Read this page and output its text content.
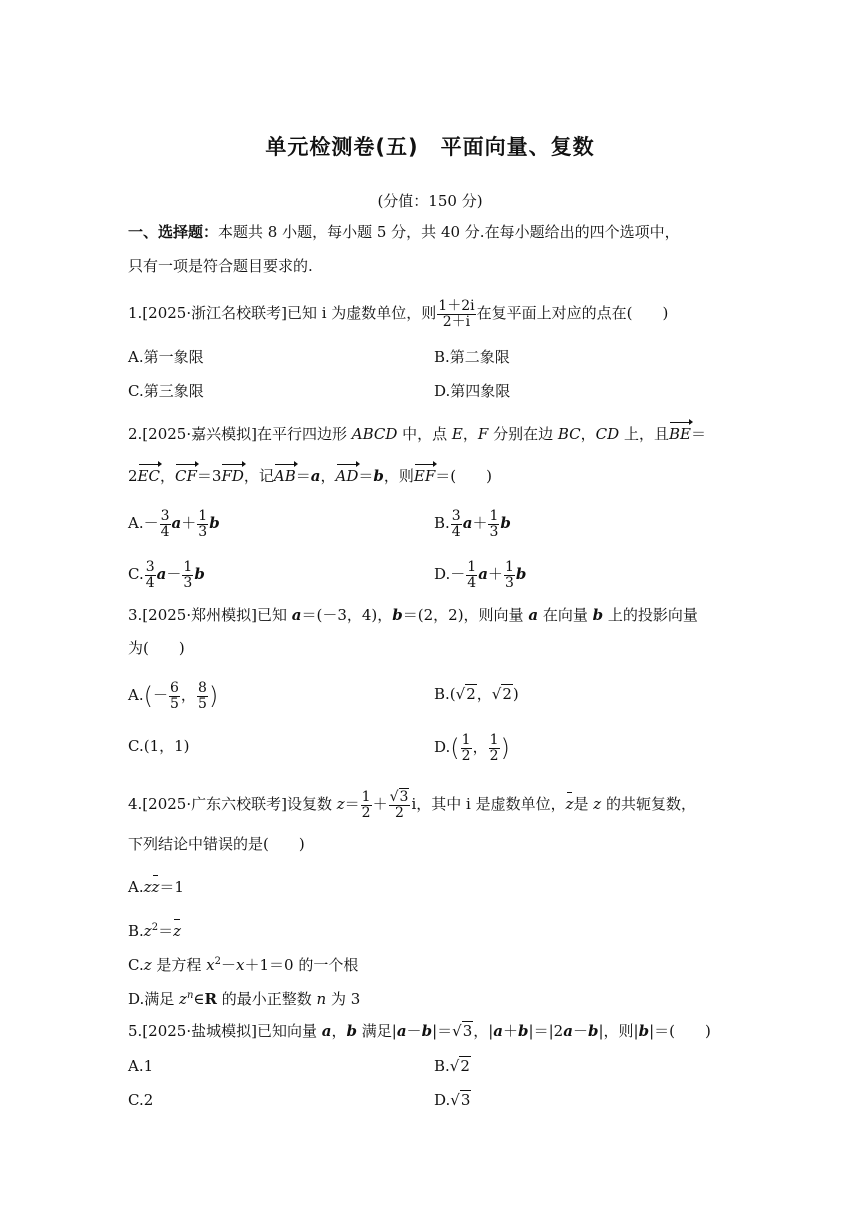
单元检测卷(五)　平面向量、复数
(分值：150 分)
一、选择题：本题共 8 小题，每小题 5 分，共 40 分.在每小题给出的四个选项中，
只有一项是符合题目要求的.
1.[2025·浙江名校联考]已知 i 为虚数单位，则 $\frac{1+2i}{2+i}$ 在复平面上对应的点在(　　)
A.第一象限	B.第二象限
C.第三象限	D.第四象限
2.[2025·嘉兴模拟]在平行四边形 ABCD 中，点 E，F 分别在边 BC，CD 上，且BE＝
2EC，CF＝3FD，记AB＝a，AD＝b，则EF＝(　　)
$A.- \frac{3}{4} a+ \frac{1}{3}$ b	B. $\frac{3}{4} a+ \frac{1}{3}$ b
C. $\frac{3}{4} a- \frac{1}{3}$ b	$D.- \frac{1}{4} a+ \frac{1}{3}$ b
3.[2025·郑州模拟]已知 a＝(－3，4)，b＝(2，2)，则向量 a 在向量 b 上的投影向量
为(　　)
$A.(- \frac{6}{5}$ ， $\frac{8}{5}$ )	B.(√2，√2)
C.(1，1)	$D.( \frac{1}{2}$ ， $\frac{1}{2}$ )
4.[2025·广东六校联考]设复数 $z= \frac{1}{2} + \frac{√3}{2}$ i，其中 i 是虚数单位，z是 z 的共轭复数，
下列结论中错误的是(　　)
A.zz＝1
$B.z^2=z$
C.z 是方程 $x^2-x+1=0$ 的一个根
D.满足 $z^n\in R$ 的最小正整数 n 为 3
5.[2025·盐城模拟]已知向量 a，b 满足|a－b|＝√3，|a＋b|＝|2a－b|，则|b|＝(　　)
A.1	B.√2
C.2	D.√3
